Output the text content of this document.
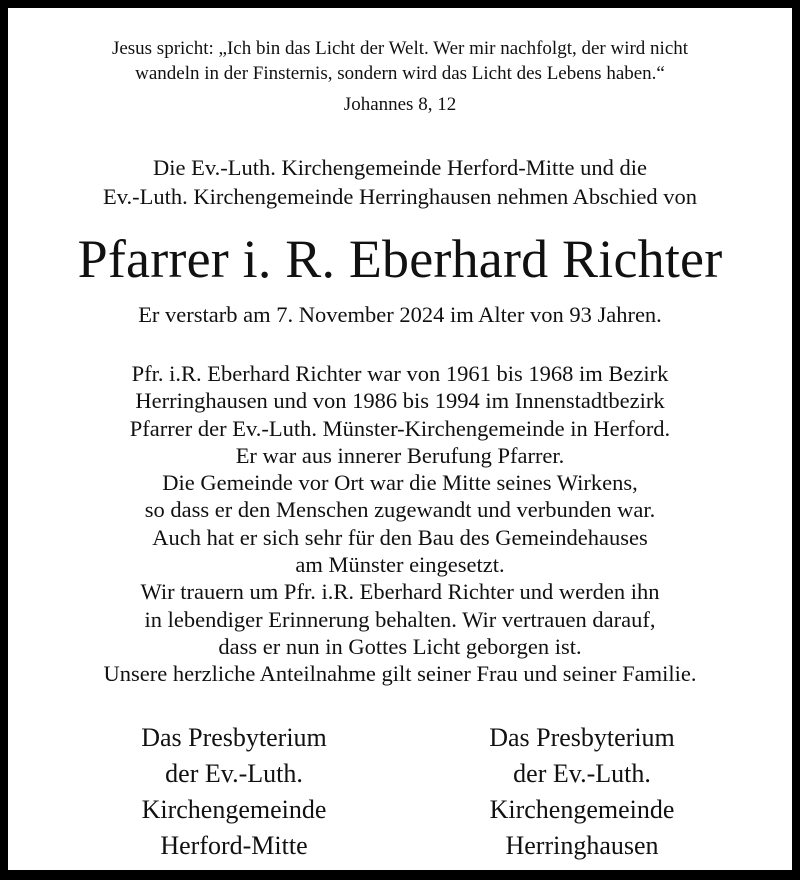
Jesus spricht: „Ich bin das Licht der Welt. Wer mir nachfolgt, der wird nicht
wandeln in der Finsternis, sondern wird das Licht des Lebens haben.“
Johannes 8, 12
Die Ev.-Luth. Kirchengemeinde Herford-Mitte und die
Ev.-Luth. Kirchengemeinde Herringhausen nehmen Abschied von
Pfarrer i. R. Eberhard Richter
Er verstarb am 7. November 2024 im Alter von 93 Jahren.
Pfr. i.R. Eberhard Richter war von 1961 bis 1968 im Bezirk
Herringhausen und von 1986 bis 1994 im Innenstadtbezirk
Pfarrer der Ev.-Luth. Münster-Kirchengemeinde in Herford.
Er war aus innerer Berufung Pfarrer.
Die Gemeinde vor Ort war die Mitte seines Wirkens,
so dass er den Menschen zugewandt und verbunden war.
Auch hat er sich sehr für den Bau des Gemeindehauses
am Münster eingesetzt.
Wir trauern um Pfr. i.R. Eberhard Richter und werden ihn
in lebendiger Erinnerung behalten. Wir vertrauen darauf,
dass er nun in Gottes Licht geborgen ist.
Unsere herzliche Anteilnahme gilt seiner Frau und seiner Familie.
Das Presbyterium
der Ev.-Luth.
Kirchengemeinde
Herford-Mitte
Das Presbyterium
der Ev.-Luth.
Kirchengemeinde
Herringhausen
